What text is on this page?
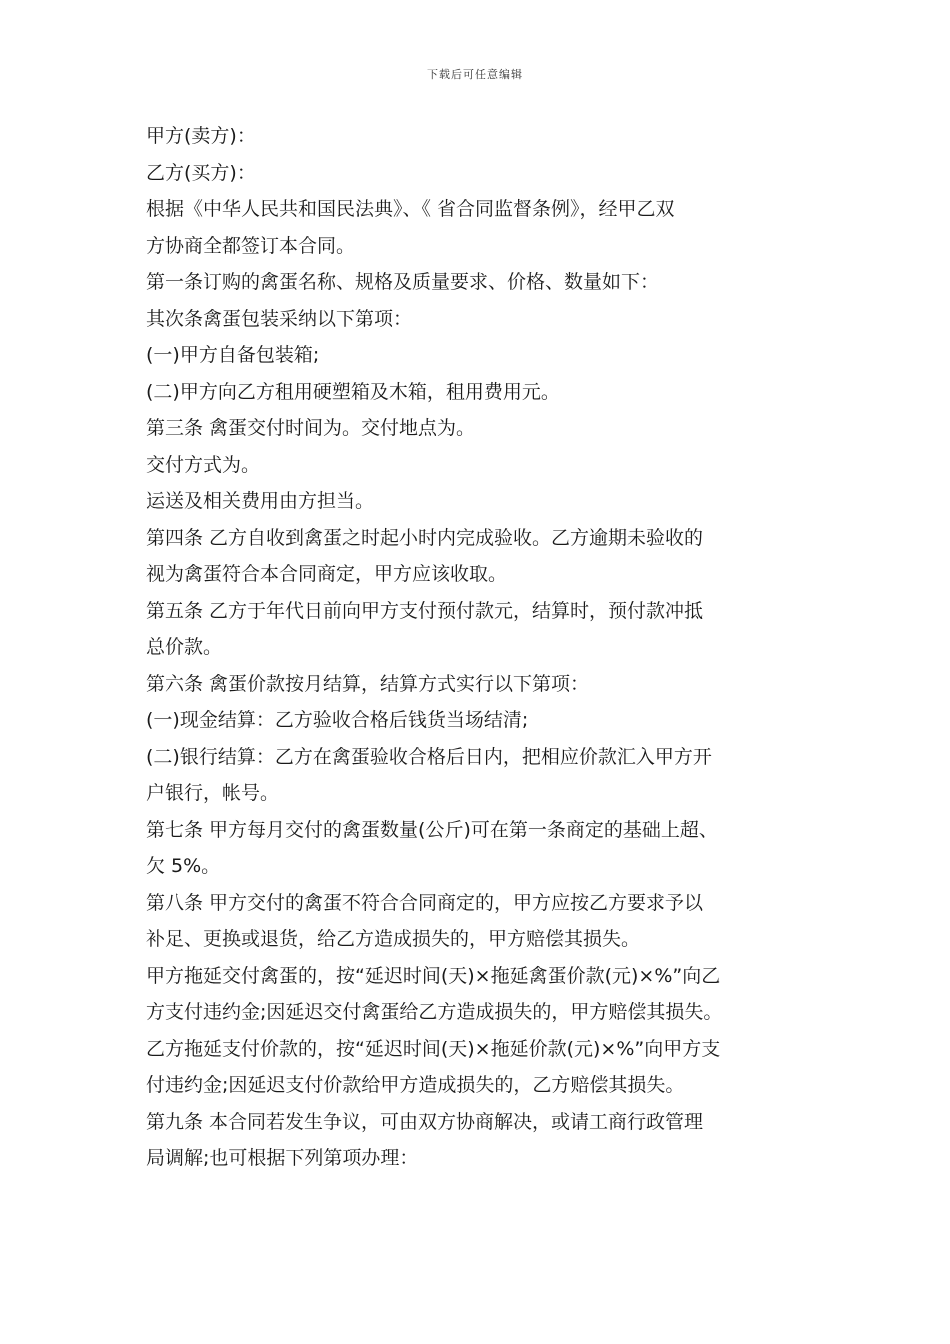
下载后可任意编辑
甲方(卖方)：
乙方(买方)：
根据《中华人民共和国民法典》、《 省合同监督条例》，经甲乙双
方协商全都签订本合同。
第一条订购的禽蛋名称、规格及质量要求、价格、数量如下：
其次条禽蛋包装采纳以下第项：
(一)甲方自备包装箱;
(二)甲方向乙方租用硬塑箱及木箱，租用费用元。
第三条 禽蛋交付时间为。交付地点为。
交付方式为。
运送及相关费用由方担当。
第四条 乙方自收到禽蛋之时起小时内完成验收。乙方逾期未验收的
视为禽蛋符合本合同商定，甲方应该收取。
第五条 乙方于年代日前向甲方支付预付款元，结算时，预付款冲抵
总价款。
第六条 禽蛋价款按月结算，结算方式实行以下第项：
(一)现金结算：乙方验收合格后钱货当场结清;
(二)银行结算：乙方在禽蛋验收合格后日内，把相应价款汇入甲方开
户银行，帐号。
第七条 甲方每月交付的禽蛋数量(公斤)可在第一条商定的基础上超、
欠 5%。
第八条 甲方交付的禽蛋不符合合同商定的，甲方应按乙方要求予以
补足、更换或退货，给乙方造成损失的，甲方赔偿其损失。
甲方拖延交付禽蛋的，按“延迟时间(天)×拖延禽蛋价款(元)×%”向乙
方支付违约金;因延迟交付禽蛋给乙方造成损失的，甲方赔偿其损失。
乙方拖延支付价款的，按“延迟时间(天)×拖延价款(元)×%”向甲方支
付违约金;因延迟支付价款给甲方造成损失的，乙方赔偿其损失。
第九条 本合同若发生争议，可由双方协商解决，或请工商行政管理
局调解;也可根据下列第项办理：
